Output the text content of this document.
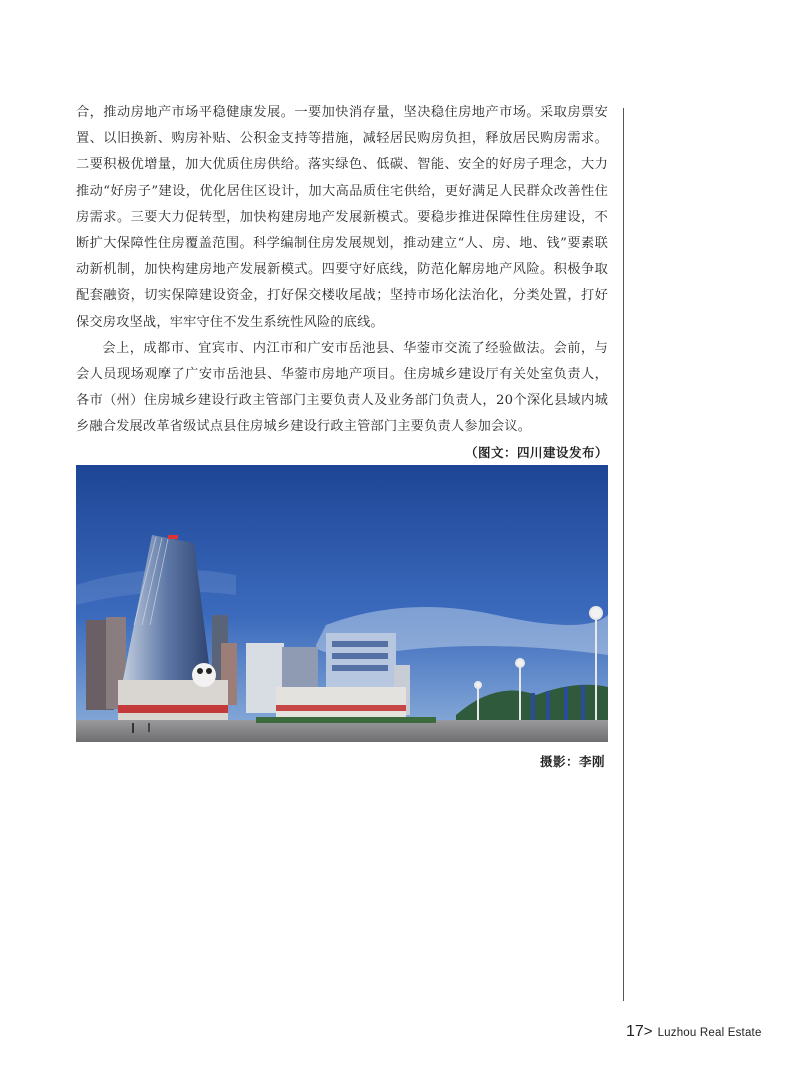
合，推动房地产市场平稳健康发展。一要加快消存量，坚决稳住房地产市场。采取房票安置、以旧换新、购房补贴、公积金支持等措施，减轻居民购房负担，释放居民购房需求。二要积极优增量，加大优质住房供给。落实绿色、低碳、智能、安全的好房子理念，大力推动“好房子”建设，优化居住区设计，加大高品质住宅供给，更好满足人民群众改善性住房需求。三要大力促转型，加快构建房地产发展新模式。要稳步推进保障性住房建设，不断扩大保障性住房覆盖范围。科学编制住房发展规划，推动建立“人、房、地、钱”要素联动新机制，加快构建房地产发展新模式。四要守好底线，防范化解房地产风险。积极争取配套融资，切实保障建设资金，打好保交楼收尾战；坚持市场化法治化，分类处置，打好保交房攻坚战，牢牢守住不发生系统性风险的底线。

会上，成都市、宜宾市、内江市和广安市岳池县、华蓥市交流了经验做法。会前，与会人员现场观摩了广安市岳池县、华蓥市房地产项目。住房城乡建设厅有关处室负责人，各市（州）住房城乡建设行政主管部门主要负责人及业务部门负责人，20个深化县域内城乡融合发展改革省级试点县住房城乡建设行政主管部门主要负责人参加会议。

（图文：四川建设发布）
摄影：李刚
17> Luzhou Real Estate
